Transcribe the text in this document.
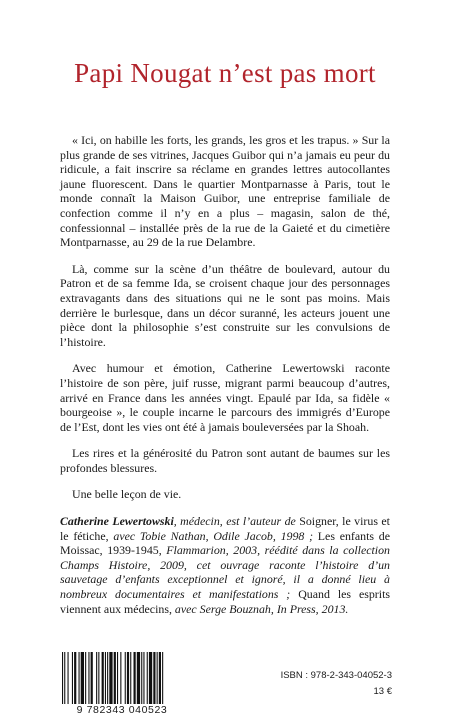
Papi Nougat n’est pas mort

« Ici, on habille les forts, les grands, les gros et les trapus. » Sur la plus grande de ses vitrines, Jacques Guibor qui n’a jamais eu peur du ridicule, a fait inscrire sa réclame en grandes lettres autocollantes jaune fluorescent. Dans le quartier Montparnasse à Paris, tout le monde connaît la Maison Guibor, une entreprise familiale de confection comme il n’y en a plus – magasin, salon de thé, confessionnal – installée près de la rue de la Gaieté et du cimetière Montparnasse, au 29 de la rue Delambre.

Là, comme sur la scène d’un théâtre de boulevard, autour du Patron et de sa femme Ida, se croisent chaque jour des personnages extravagants dans des situations qui ne le sont pas moins. Mais derrière le burlesque, dans un décor suranné, les acteurs jouent une pièce dont la philosophie s’est construite sur les convulsions de l’histoire.

Avec humour et émotion, Catherine Lewertowski raconte l’histoire de son père, juif russe, migrant parmi beaucoup d’autres, arrivé en France dans les années vingt. Epaulé par Ida, sa fidèle « bourgeoise », le couple incarne le parcours des immigrés d’Europe de l’Est, dont les vies ont été à jamais bouleversées par la Shoah.

Les rires et la générosité du Patron sont autant de baumes sur les profondes blessures.

Une belle leçon de vie.

Catherine Lewertowski, médecin, est l’auteur de Soigner, le virus et le fétiche, avec Tobie Nathan, Odile Jacob, 1998 ; Les enfants de Moissac, 1939-1945, Flammarion, 2003, réédité dans la collection Champs Histoire, 2009, cet ouvrage raconte l’histoire d’un sauvetage d’enfants exceptionnel et ignoré, il a donné lieu à nombreux documentaires et manifestations ; Quand les esprits viennent aux médecins, avec Serge Bouznah, In Press, 2013.

9 782343 040523
ISBN : 978-2-343-04052-3
13 €
